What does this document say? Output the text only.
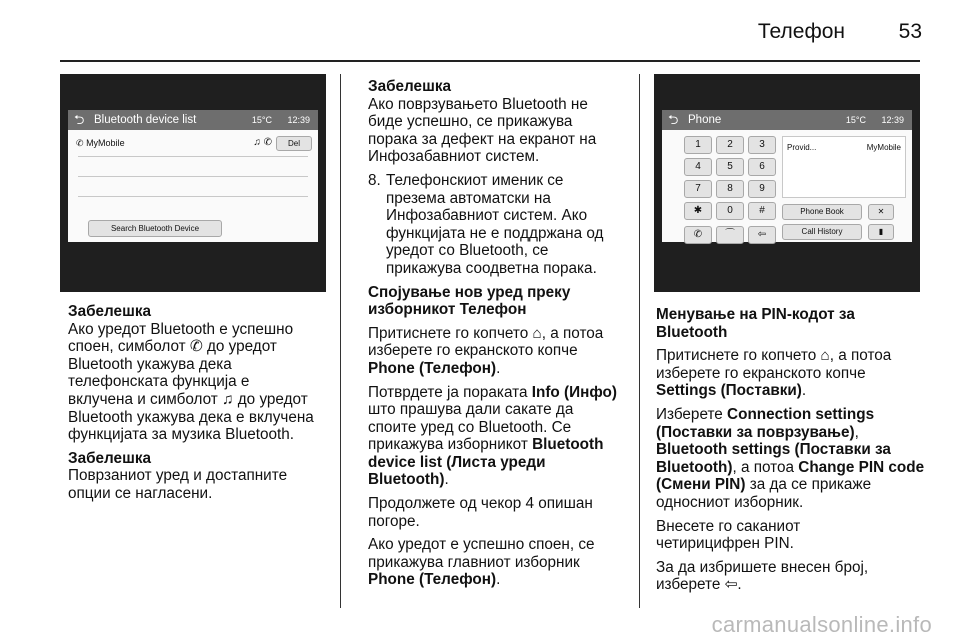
Телефон	53
⮌ Bluetooth device list	15°C 12:39
✆ MyMobile	♫ ✆	Del
Search Bluetooth Device

Забелешка
Ако уредот Bluetooth е успешно
спoен, симболот ✆ до уредот
Bluetooth укажува дека
телефонската функција е
вклучена и симболот ♫ до уредот
Bluetooth укажува дека е вклучена
функцијата за музика Bluetooth.

Забелешка
Поврзаниот уред и достапните
опции се нагласени.

Забелешка
Ако поврзувањето Bluetooth не
биде успешно, се прикажува
порака за дефект на екранот на
Инфозабавниот систем.

8. Телефонскиот именик се
презема автоматски на
Инфозабавниот систем. Ако
функцијата не е поддржана од
уредот со Bluetooth, се
прикажува соодветна порака.

Спојување нов уред преку
изборникот Телефон

Притиснете го копчето ⌂, а потоа
изберете го екранското копче
Phone (Телефон).

Потврдете ја пораката Info (Инфо)
што прашува дали сакате да
споите уред со Bluetooth. Се
прикажува изборникот Bluetooth
device list (Листа уреди Bluetooth).

Продолжете од чекор 4 опишан
погоре.

Ако уредот е успешно спoен, се
прикажува главниот изборник
Phone (Телефон).

⮌ Phone	15°C 12:39
1	2	3
4	5	6
7	8	9
✱	0	#
✆	⌒	⇦
Provid...	MyMobile
Phone Book	✕
Call History	▮

Менување на PIN-кодот за
Bluetooth

Притиснете го копчето ⌂, а потоа
изберете го екранското копче
Settings (Поставки).

Изберете Connection settings
(Поставки за поврзување),
Bluetooth settings (Поставки за
Bluetooth), а потоа Change PIN code
(Смени PIN) за да се прикаже
односниот изборник.

Внесете го саканиот
четирицифрен PIN.

За да избришете внесен број,
изберете ⇦.

carmanualsonline.info
